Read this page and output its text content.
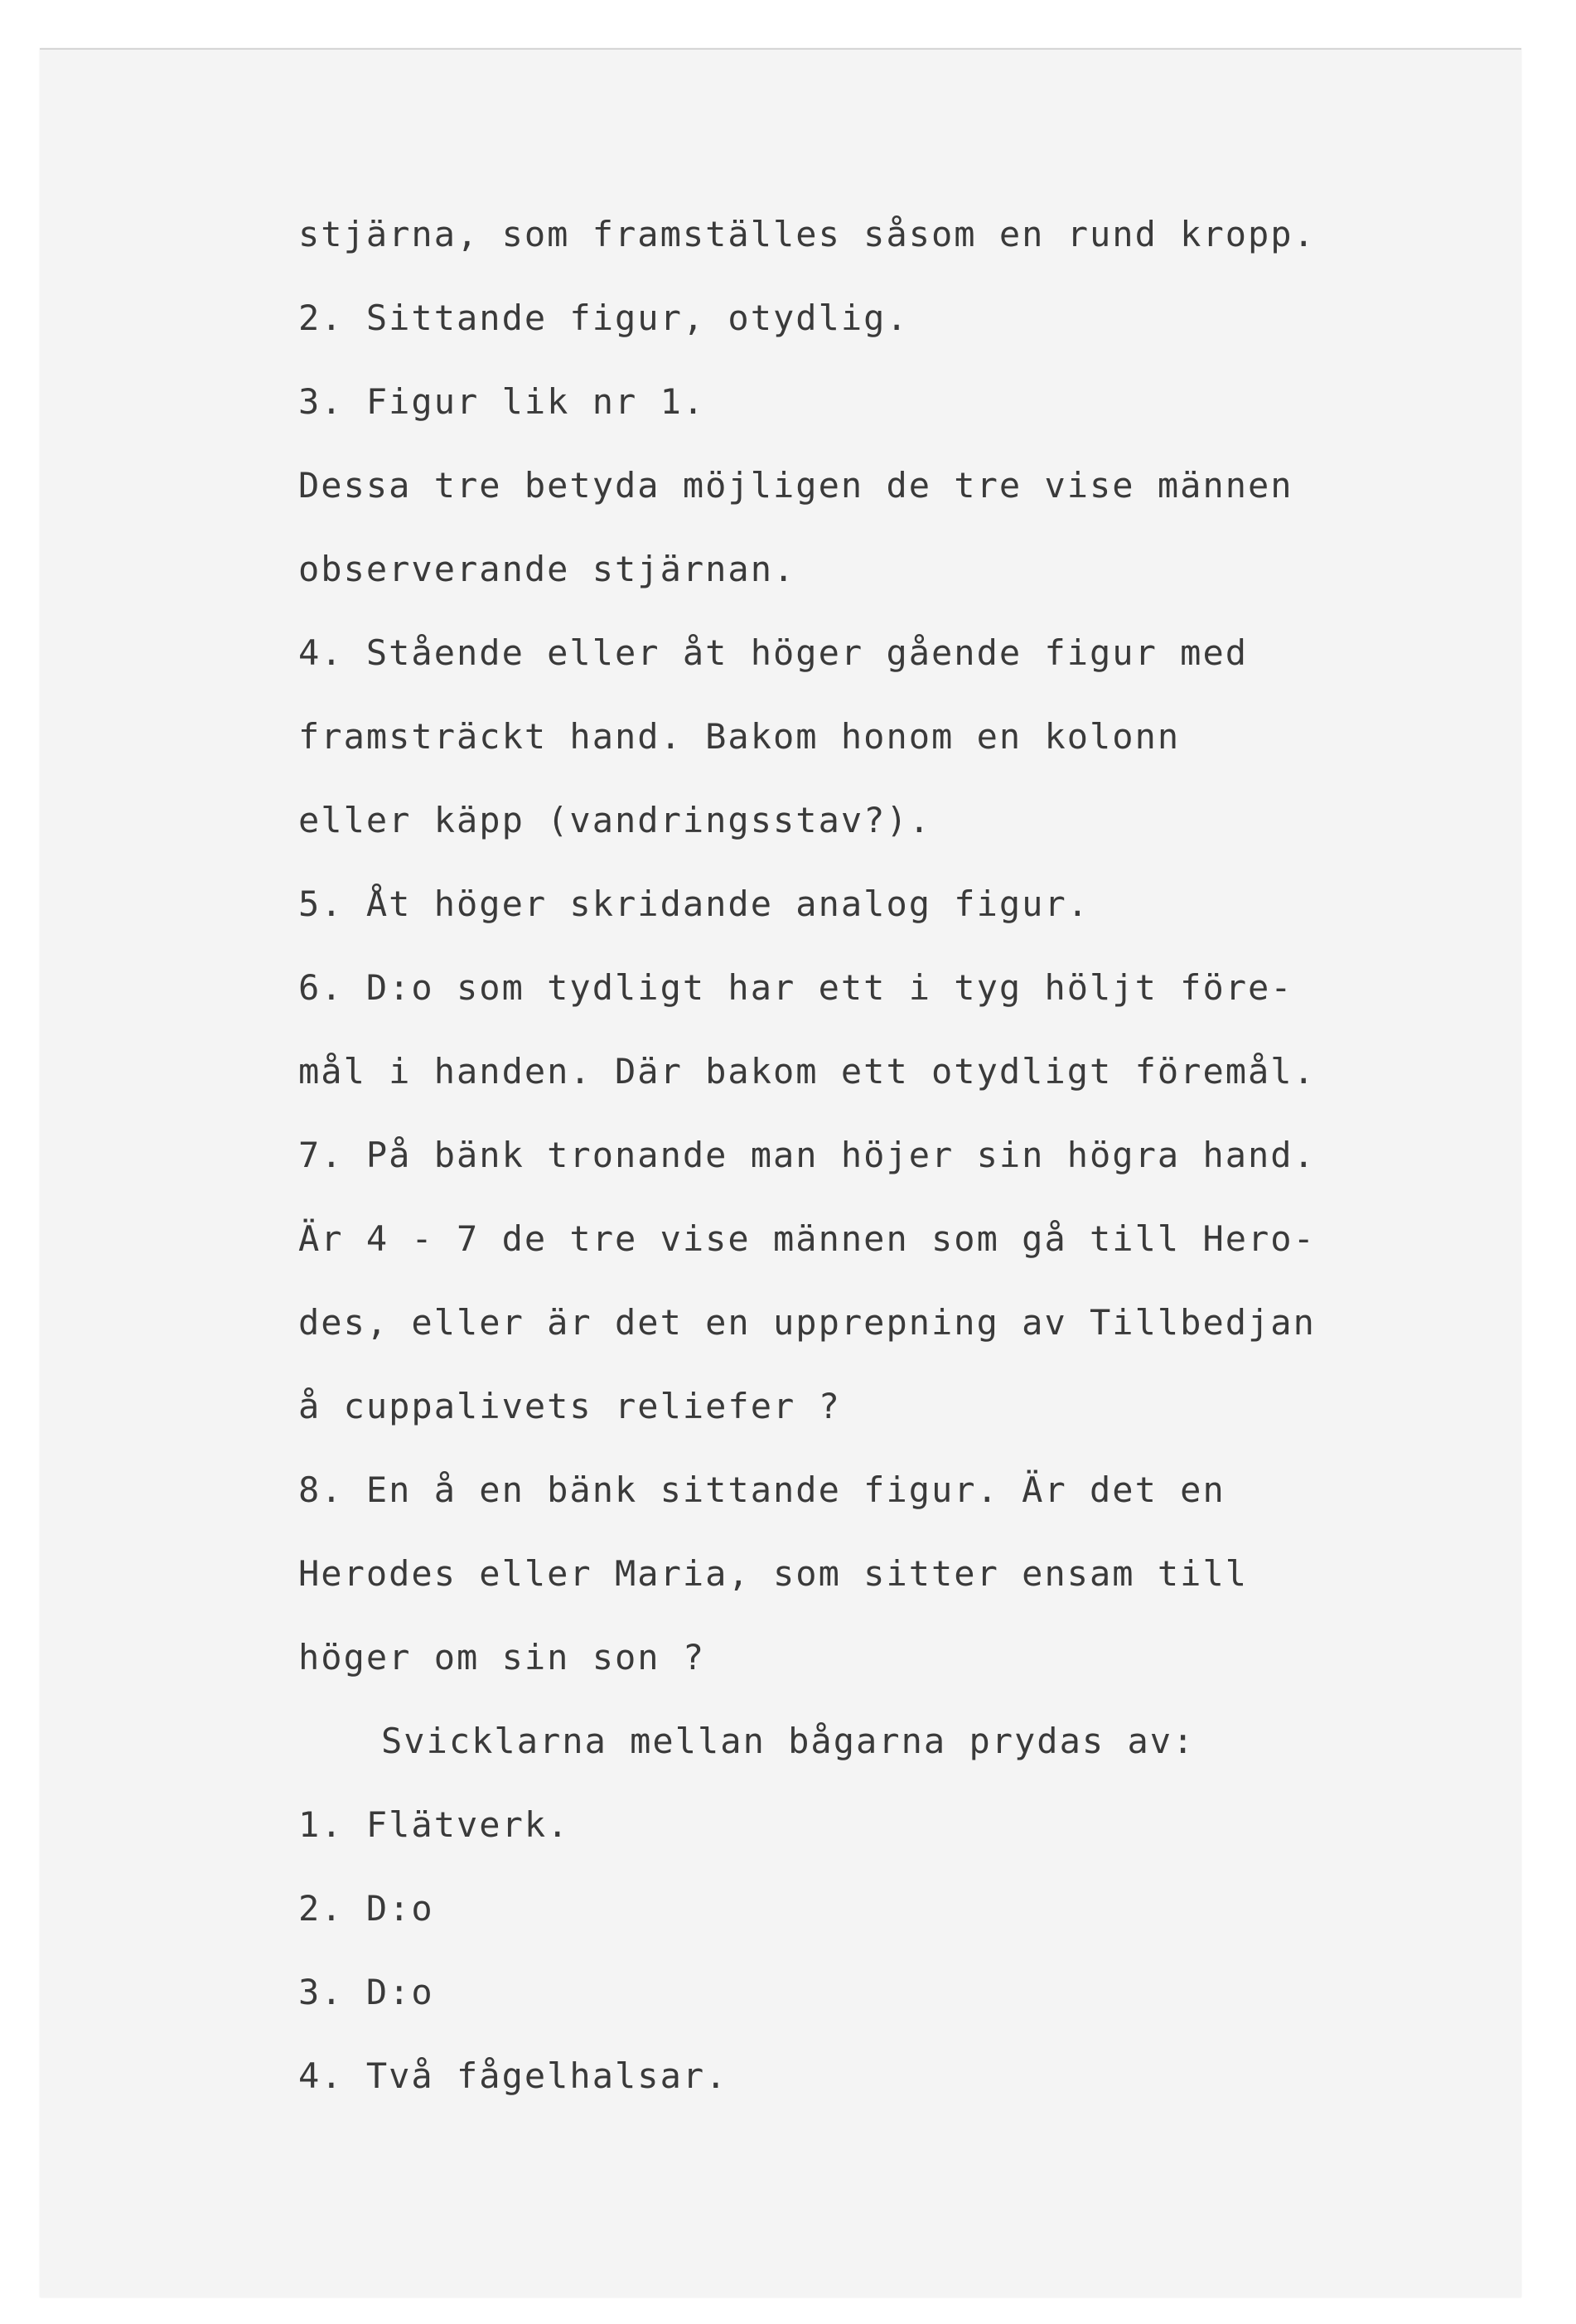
stjärna, som framställes såsom en rund kropp.
2. Sittande figur, otydlig.
3. Figur lik nr 1.
Dessa tre betyda möjligen de tre vise männen
observerande stjärnan.
4. Stående eller åt höger gående figur med
framsträckt hand. Bakom honom en kolonn
eller käpp (vandringsstav?).
5. Åt höger skridande analog figur.
6. D:o som tydligt har ett i tyg höljt före-
mål i handen. Där bakom ett otydligt föremål.
7. På bänk tronande man höjer sin högra hand.
Är 4 - 7 de tre vise männen som gå till Hero-
des, eller är det en upprepning av Tillbedjan
å cuppalivets reliefer ?
8. En å en bänk sittande figur. Är det en
Herodes eller Maria, som sitter ensam till
höger om sin son ?
Svicklarna mellan bågarna prydas av:
1. Flätverk.
2. D:o
3. D:o
4. Två fågelhalsar.
